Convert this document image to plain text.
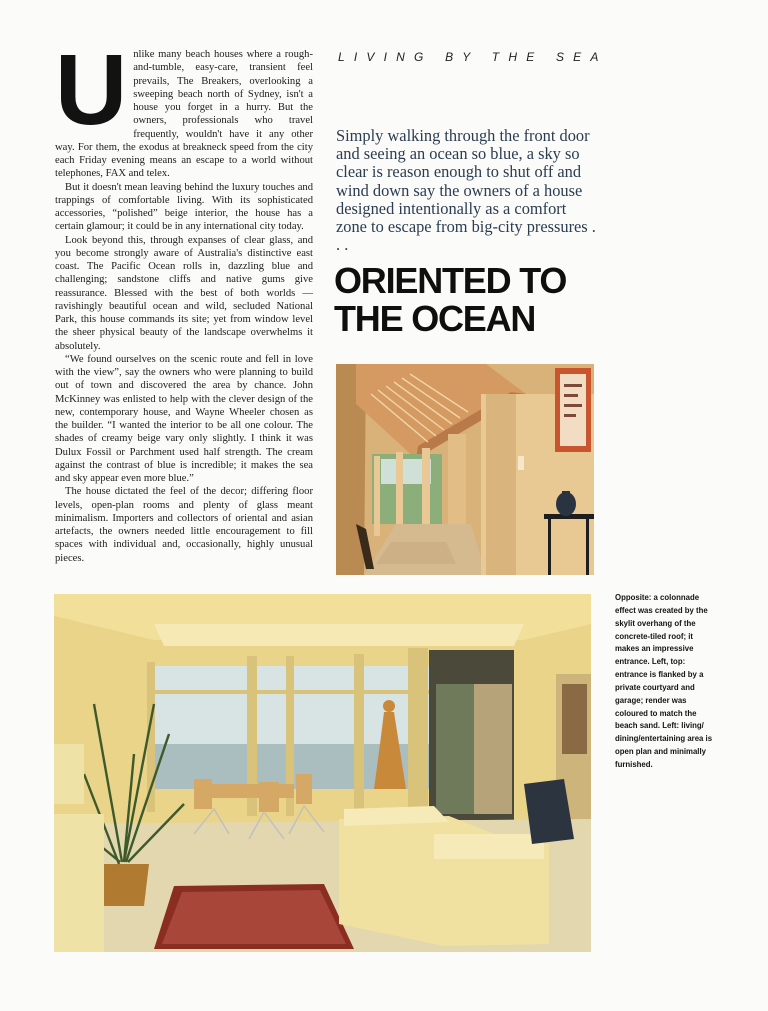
LIVING BY THE SEA
U nlike many beach houses where a rough-and-tumble, easy-care, transient feel prevails, The Breakers, overlooking a sweeping beach north of Sydney, isn't a house you forget in a hurry. But the owners, professionals who travel frequently, wouldn't have it any other way. For them, the exodus at breakneck speed from the city each Friday evening means an escape to a world without telephones, FAX and telex.

But it doesn't mean leaving behind the luxury touches and trappings of comfortable living. With its sophisticated accessories, “polished” beige interior, the house has a certain glamour; it could be in any international city today.

Look beyond this, through expanses of clear glass, and you become strongly aware of Australia's distinctive east coast. The Pacific Ocean rolls in, dazzling blue and challenging; sandstone cliffs and native gums give reassurance. Blessed with the best of both worlds — ravishingly beautiful ocean and wild, secluded National Park, this house commands its site; yet from window level the sheer physical beauty of the landscape overwhelms it absolutely.

“We found ourselves on the scenic route and fell in love with the view”, say the owners who were planning to build out of town and discovered the area by chance. John McKinney was enlisted to help with the clever design of the new, contemporary house, and Wayne Wheeler chosen as the builder. “I wanted the interior to be all one colour. The shades of creamy beige vary only slightly. I think it was Dulux Fossil or Parchment used half strength. The cream against the contrast of blue is incredible; it makes the sea and sky appear even more blue.”

The house dictated the feel of the decor; differing floor levels, open-plan rooms and plenty of glass meant minimalism. Importers and collectors of oriental and asian artefacts, the owners needed little encouragement to fill spaces with individual and, occasionally, highly unusual pieces.

Simply walking through the front door and seeing an ocean so blue, a sky so clear is reason enough to shut off and wind down say the owners of a house designed intentionally as a comfort zone to escape from big-city pressures . . .
ORIENTED TO
THE OCEAN
Opposite: a colonnade effect was created by the skylit overhang of the concrete-tiled roof; it makes an impressive entrance. Left, top: entrance is flanked by a private courtyard and garage; render was coloured to match the beach sand. Left: living/ dining/entertaining area is open plan and minimally furnished.
